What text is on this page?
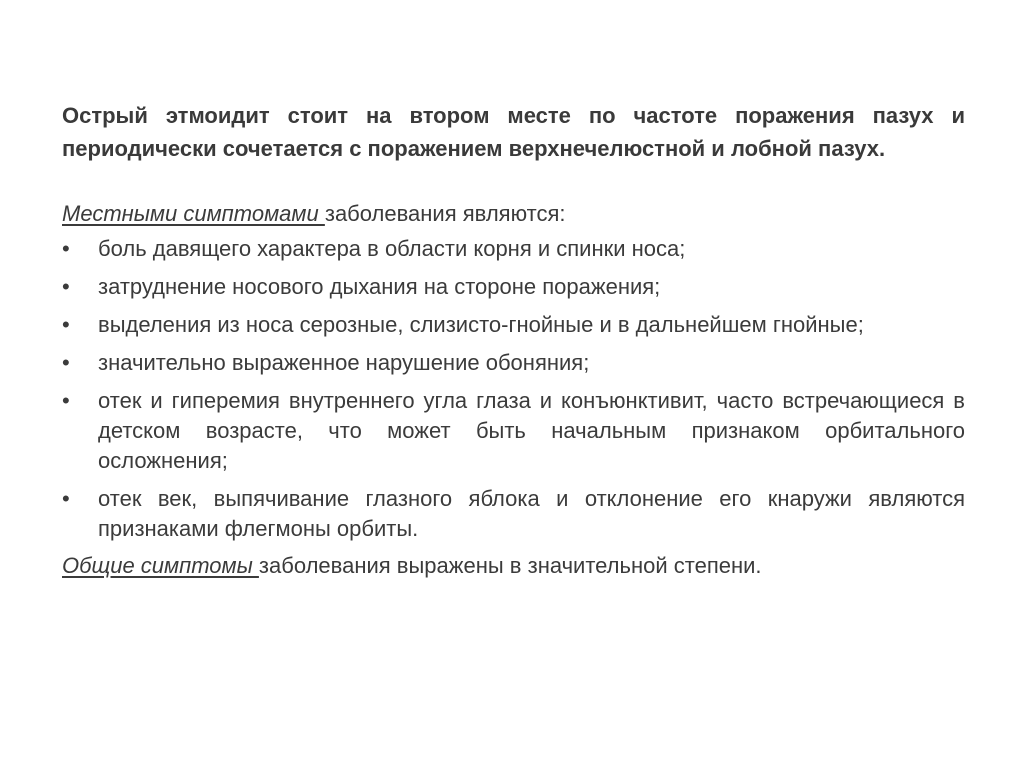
Острый этмоидит стоит на втором месте по частоте поражения пазух и периодически сочетается с поражением верхнечелюстной и лобной пазух.

Местными симптомами заболевания являются:

•	боль давящего характера в области корня и спинки носа;
•	затруднение носового дыхания на стороне поражения;
•	выделения из носа серозные, слизисто-гнойные и в дальнейшем гнойные;
•	значительно выраженное нарушение обоняния;
•	отек и гиперемия внутреннего угла глаза и конъюнктивит, часто встречающиеся в детском возрасте, что может быть начальным признаком орбитального осложнения;
•	отек век, выпячивание глазного яблока и отклонение его кнаружи являются признаками флегмоны орбиты.

Общие симптомы заболевания выражены в значительной степени.
